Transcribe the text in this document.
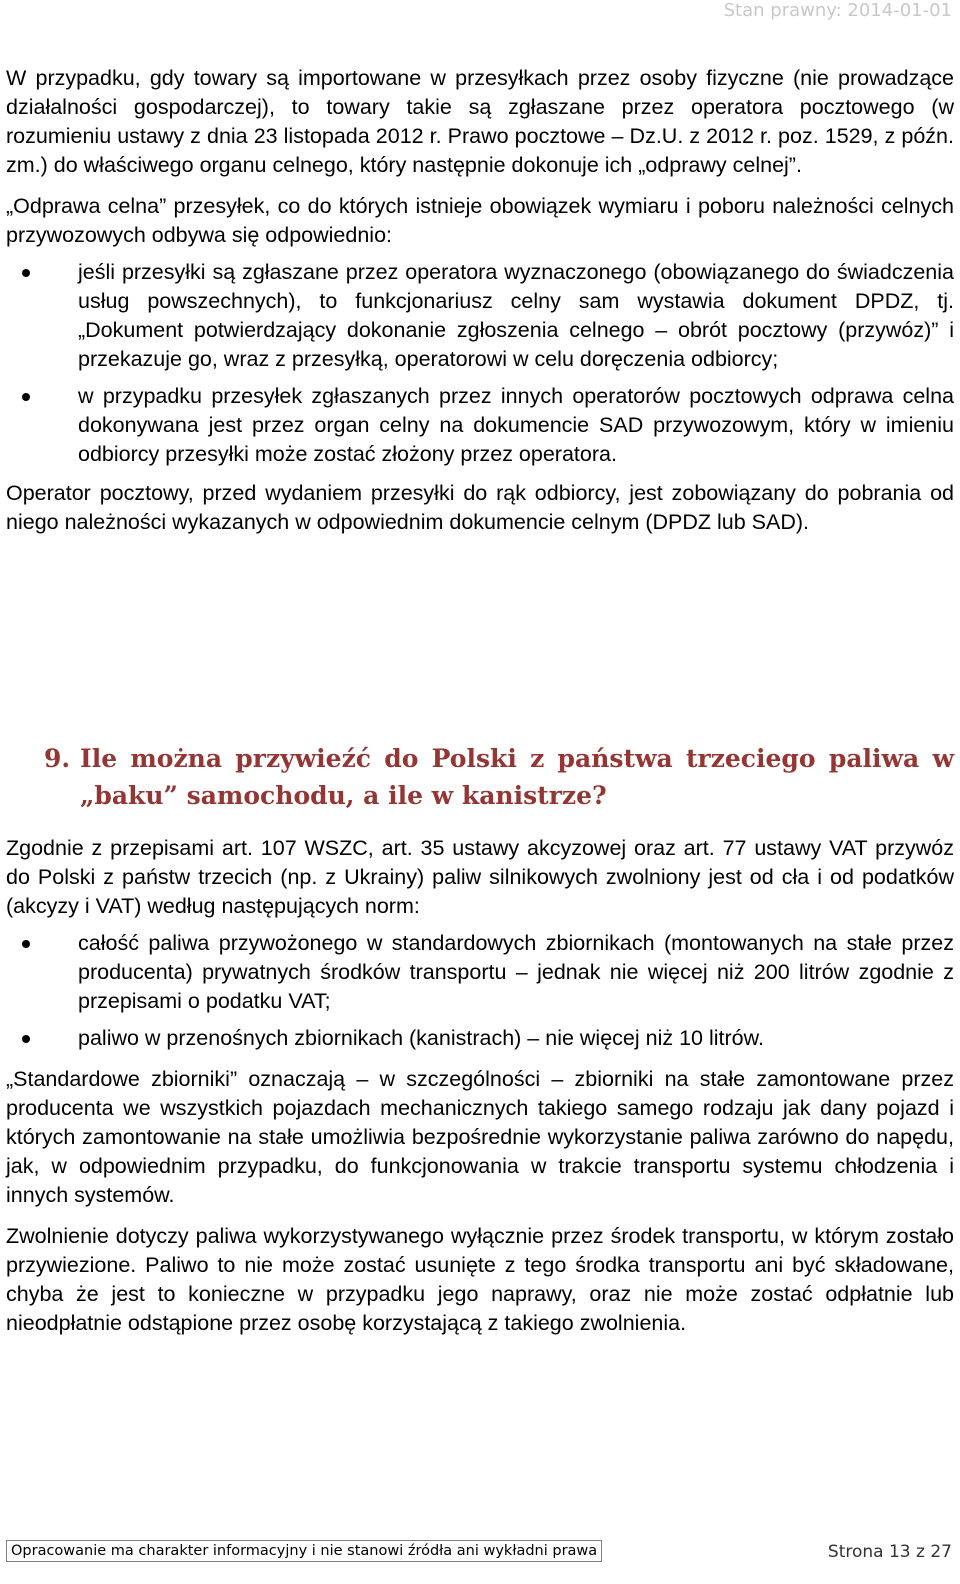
Stan prawny: 2014-01-01

W przypadku, gdy towary są importowane w przesyłkach przez osoby fizyczne (nie prowadzące działalności gospodarczej), to towary takie są zgłaszane przez operatora pocztowego (w rozumieniu ustawy z dnia 23 listopada 2012 r. Prawo pocztowe – Dz.U. z 2012 r. poz. 1529, z późn. zm.) do właściwego organu celnego, który następnie dokonuje ich „odprawy celnej”.

„Odprawa celna” przesyłek, co do których istnieje obowiązek wymiaru i poboru należności celnych przywozowych odbywa się odpowiednio:

jeśli przesyłki są zgłaszane przez operatora wyznaczonego (obowiązanego do świadczenia usług powszechnych), to funkcjonariusz celny sam wystawia dokument DPDZ, tj. „Dokument potwierdzający dokonanie zgłoszenia celnego – obrót pocztowy (przywóz)” i przekazuje go, wraz z przesyłką, operatorowi w celu doręczenia odbiorcy;
w przypadku przesyłek zgłaszanych przez innych operatorów pocztowych odprawa celna dokonywana jest przez organ celny na dokumencie SAD przywozowym, który w imieniu odbiorcy przesyłki może zostać złożony przez operatora.

Operator pocztowy, przed wydaniem przesyłki do rąk odbiorcy, jest zobowiązany do pobrania od niego należności wykazanych w odpowiednim dokumencie celnym (DPDZ lub SAD).

9. Ile można przywieźć do Polski z państwa trzeciego paliwa w „baku” samochodu, a ile w kanistrze?

Zgodnie z przepisami art. 107 WSZC, art. 35 ustawy akcyzowej oraz art. 77 ustawy VAT przywóz do Polski z państw trzecich (np. z Ukrainy) paliw silnikowych zwolniony jest od cła i od podatków (akcyzy i VAT) według następujących norm:

całość paliwa przywożonego w standardowych zbiornikach (montowanych na stałe przez producenta) prywatnych środków transportu – jednak nie więcej niż 200 litrów zgodnie z przepisami o podatku VAT;
paliwo w przenośnych zbiornikach (kanistrach) – nie więcej niż 10 litrów.

„Standardowe zbiorniki” oznaczają – w szczególności – zbiorniki na stałe zamontowane przez producenta we wszystkich pojazdach mechanicznych takiego samego rodzaju jak dany pojazd i których zamontowanie na stałe umożliwia bezpośrednie wykorzystanie paliwa zarówno do napędu, jak, w odpowiednim przypadku, do funkcjonowania w trakcie transportu systemu chłodzenia i innych systemów.

Zwolnienie dotyczy paliwa wykorzystywanego wyłącznie przez środek transportu, w którym zostało przywiezione. Paliwo to nie może zostać usunięte z tego środka transportu ani być składowane, chyba że jest to konieczne w przypadku jego naprawy, oraz nie może zostać odpłatnie lub nieodpłatnie odstąpione przez osobę korzystającą z takiego zwolnienia.

Opracowanie ma charakter informacyjny i nie stanowi źródła ani wykładni prawa	Strona 13 z 27
